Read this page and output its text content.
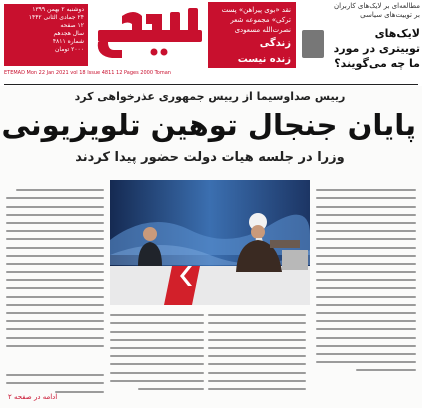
دوشنبه ۲ بهمن ۱۳۹۹
۲۴ جمادی الثانی ۱۴۴۲
۱۲ صفحه
سال هجدهم
شماره ۴۸۱۱
۲۰۰۰ تومان
نقد «بوی پیراهن» پست
ترکی» مجموعه شعر
نصرت‌الله مسعودی
زندگی
زنده نیست
صفحه ۷
مطالعه‌ای بر لایک‌های کاربران
بر توییت‌های سیاسی
لایک‌های
توییتری در مورد
ما چه می‌گویند؟
ETEMAD Mon 22 Jan 2021 vol 18 Issue 4811 12 Pages 2000 Toman
رییس صداوسیما از رییس جمهوری عذرخواهی کرد
پایان جنجال توهین تلویزیونی
وزرا در جلسه هیات دولت حضور پیدا کردند
ادامه در صفحه ۲
